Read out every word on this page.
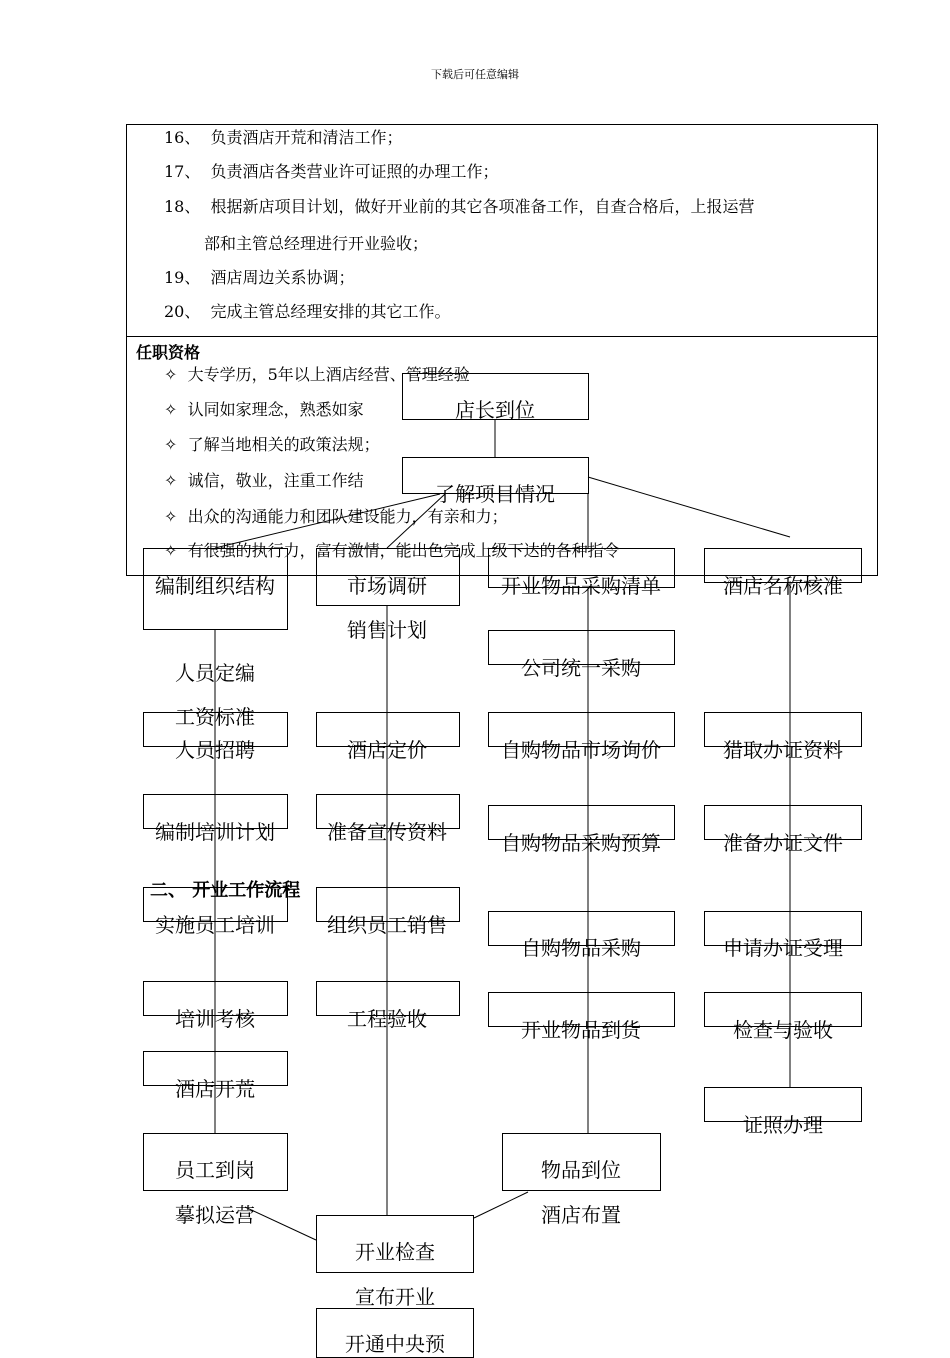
下载后可任意编辑
16、 负责酒店开荒和清洁工作；
17、 负责酒店各类营业许可证照的办理工作；
18、 根据新店项目计划，做好开业前的其它各项准备工作，自查合格后，上报运营
部和主管总经理进行开业验收；
19、 酒店周边关系协调；
20、 完成主管总经理安排的其它工作。
任职资格
✧ 大专学历，5年以上酒店经营、管理经验
✧ 认同如家理念，熟悉如家
✧ 了解当地相关的政策法规；
✧ 诚信，敬业，注重工作结
✧ 出众的沟通能力和团队建设能力，有亲和力；
✧ 有很强的执行力，富有激情，能出色完成上级下达的各种指令
店长到位
了解项目情况
二、 开业工作流程
编制组织结构
人员定编
工资标准
人员招聘
编制培训计划
实施员工培训
培训考核
酒店开荒
员工到岗
摹拟运营
市场调研
销售计划
酒店定价
准备宣传资料
组织员工销售
工程验收
开业物品采购清单
公司统一采购
自购物品市场询价
自购物品采购预算
自购物品采购
开业物品到货
物品到位
酒店布置
酒店名称核准
猎取办证资料
准备办证文件
申请办证受理
检查与验收
证照办理
开业检查
宣布开业
开通中央预
